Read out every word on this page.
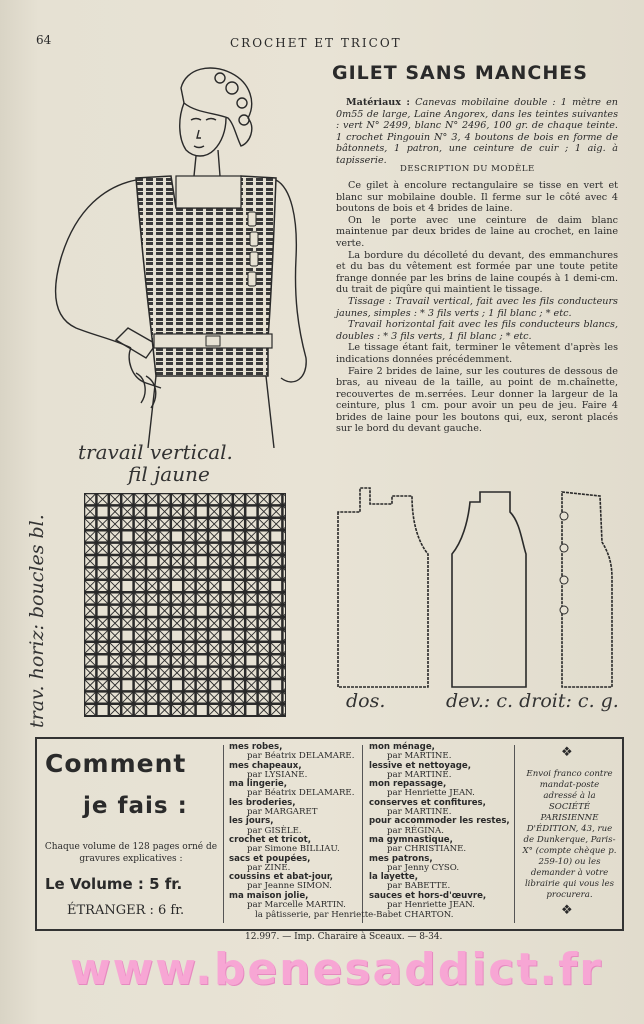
64	CROCHET ET TRICOT
GILET SANS MANCHES
Matériaux : Canevas mobilaine double : 1 mètre en 0m55 de large, Laine Angorex, dans les teintes suivantes : vert N° 2499, blanc N° 2496, 100 gr. de chaque teinte. 1 crochet Pingouin N° 3, 4 boutons de bois en forme de bâtonnets, 1 patron, une ceinture de cuir ; 1 aig. à tapisserie.
DESCRIPTION DU MODÈLE

Ce gilet à encolure rectangulaire se tisse en vert et blanc sur mobilaine double. Il ferme sur le côté avec 4 boutons de bois et 4 brides de laine.

On le porte avec une ceinture de daim blanc maintenue par deux brides de laine au crochet, en laine verte.

La bordure du décolleté du devant, des emmanchures et du bas du vêtement est formée par une toute petite frange donnée par les brins de laine coupés à 1 demi-cm. du trait de piqûre qui maintient le tissage.

Tissage : Travail vertical, fait avec les fils conducteurs jaunes, simples : * 3 fils verts ; 1 fil blanc ; * etc.

Travail horizontal fait avec les fils conducteurs blancs, doubles : * 3 fils verts, 1 fil blanc ; * etc.

Le tissage étant fait, terminer le vêtement d'après les indications données précédemment.

Faire 2 brides de laine, sur les coutures de dessous de bras, au niveau de la taille, au point de m.chaînette, recouvertes de m.serrées. Leur donner la largeur de la ceinture, plus 1 cm. pour avoir un peu de jeu. Faire 4 brides de laine pour les boutons qui, eux, seront placés sur le bord du devant gauche.

travail vertical.
fil jaune
trav. horiz: boucles bl.	dos.	dev.: c. droit: c. g.
Comment
je fais :
Chaque volume de 128 pages orné de gravures explicatives :
Le Volume : 5 fr.
ÉTRANGER : 6 fr.
mes robes,
par Béatrix DELAMARE.
mes chapeaux,
par LYSIANE.
ma lingerie,
par Béatrix DELAMARE.
les broderies,
par MARGARET
les jours,
par GISÈLE.
crochet et tricot,
par Simone BILLIAU.
sacs et poupées,
par ZINE.
coussins et abat-jour,
par Jeanne SIMON.
ma maison jolie,
par Marcelle MARTIN.
la pâtisserie, par Henriette-Babet CHARTON.
mon ménage,
par MARTINE.
lessive et nettoyage,
par MARTINE.
mon repassage,
par Henriette JEAN.
conserves et confitures,
par MARTINE.
pour accommoder les restes,
par RÉGINA.
ma gymnastique,
par CHRISTIANE.
mes patrons,
par Jenny CYSO.
la layette,
par BABETTE.
sauces et hors-d'œuvre,
par Henriette JEAN.
❖
Envoi franco contre mandat-poste adressé à la SOCIÉTÉ PARISIENNE D'ÉDITION, 43, rue de Dunkerque, Paris-X° (compte chèque p. 259-10) ou les demander à votre librairie qui vous les procurera.
❖
12.997. — Imp. Charaire à Sceaux. — 8-34.
www.benesaddict.fr
